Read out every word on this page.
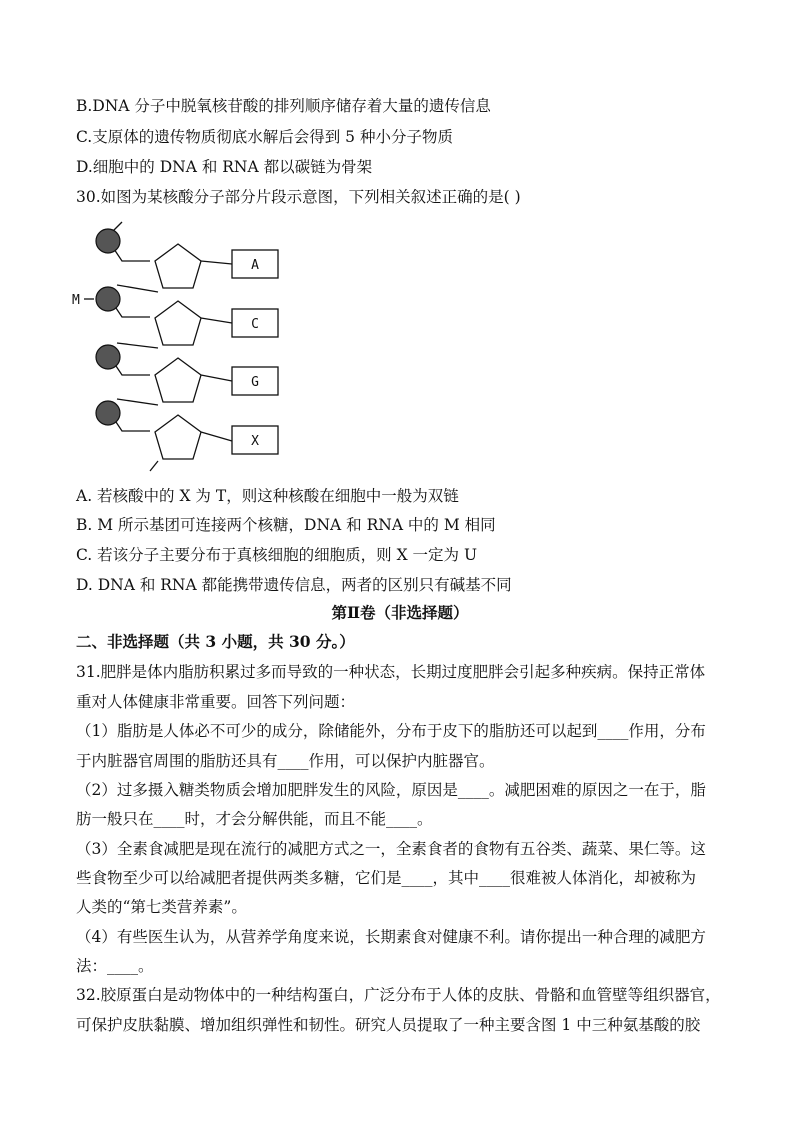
B.DNA 分子中脱氧核苷酸的排列顺序储存着大量的遗传信息
C.支原体的遗传物质彻底水解后会得到 5 种小分子物质
D.细胞中的 DNA 和 RNA 都以碳链为骨架
30.如图为某核酸分子部分片段示意图，下列相关叙述正确的是( )
M
A
C
G
X
A. 若核酸中的 X 为 T，则这种核酸在细胞中一般为双链
B. M 所示基团可连接两个核糖，DNA 和 RNA 中的 M 相同
C. 若该分子主要分布于真核细胞的细胞质，则 X 一定为 U
D. DNA 和 RNA 都能携带遗传信息，两者的区别只有碱基不同
第Ⅱ卷（非选择题）
二、非选择题（共 3 小题，共 30 分。）
31.肥胖是体内脂肪积累过多而导致的一种状态，长期过度肥胖会引起多种疾病。保持正常体
重对人体健康非常重要。回答下列问题：
（1）脂肪是人体必不可少的成分，除储能外，分布于皮下的脂肪还可以起到____作用，分布
于内脏器官周围的脂肪还具有____作用，可以保护内脏器官。
（2）过多摄入糖类物质会增加肥胖发生的风险，原因是____。减肥困难的原因之一在于，脂
肪一般只在____时，才会分解供能，而且不能____。
（3）全素食减肥是现在流行的减肥方式之一，全素食者的食物有五谷类、蔬菜、果仁等。这
些食物至少可以给减肥者提供两类多糖，它们是____，其中____很难被人体消化，却被称为
人类的“第七类营养素”。
（4）有些医生认为，从营养学角度来说，长期素食对健康不利。请你提出一种合理的减肥方
法：____。
32.胶原蛋白是动物体中的一种结构蛋白，广泛分布于人体的皮肤、骨骼和血管壁等组织器官，
可保护皮肤黏膜、增加组织弹性和韧性。研究人员提取了一种主要含图 1 中三种氨基酸的胶
